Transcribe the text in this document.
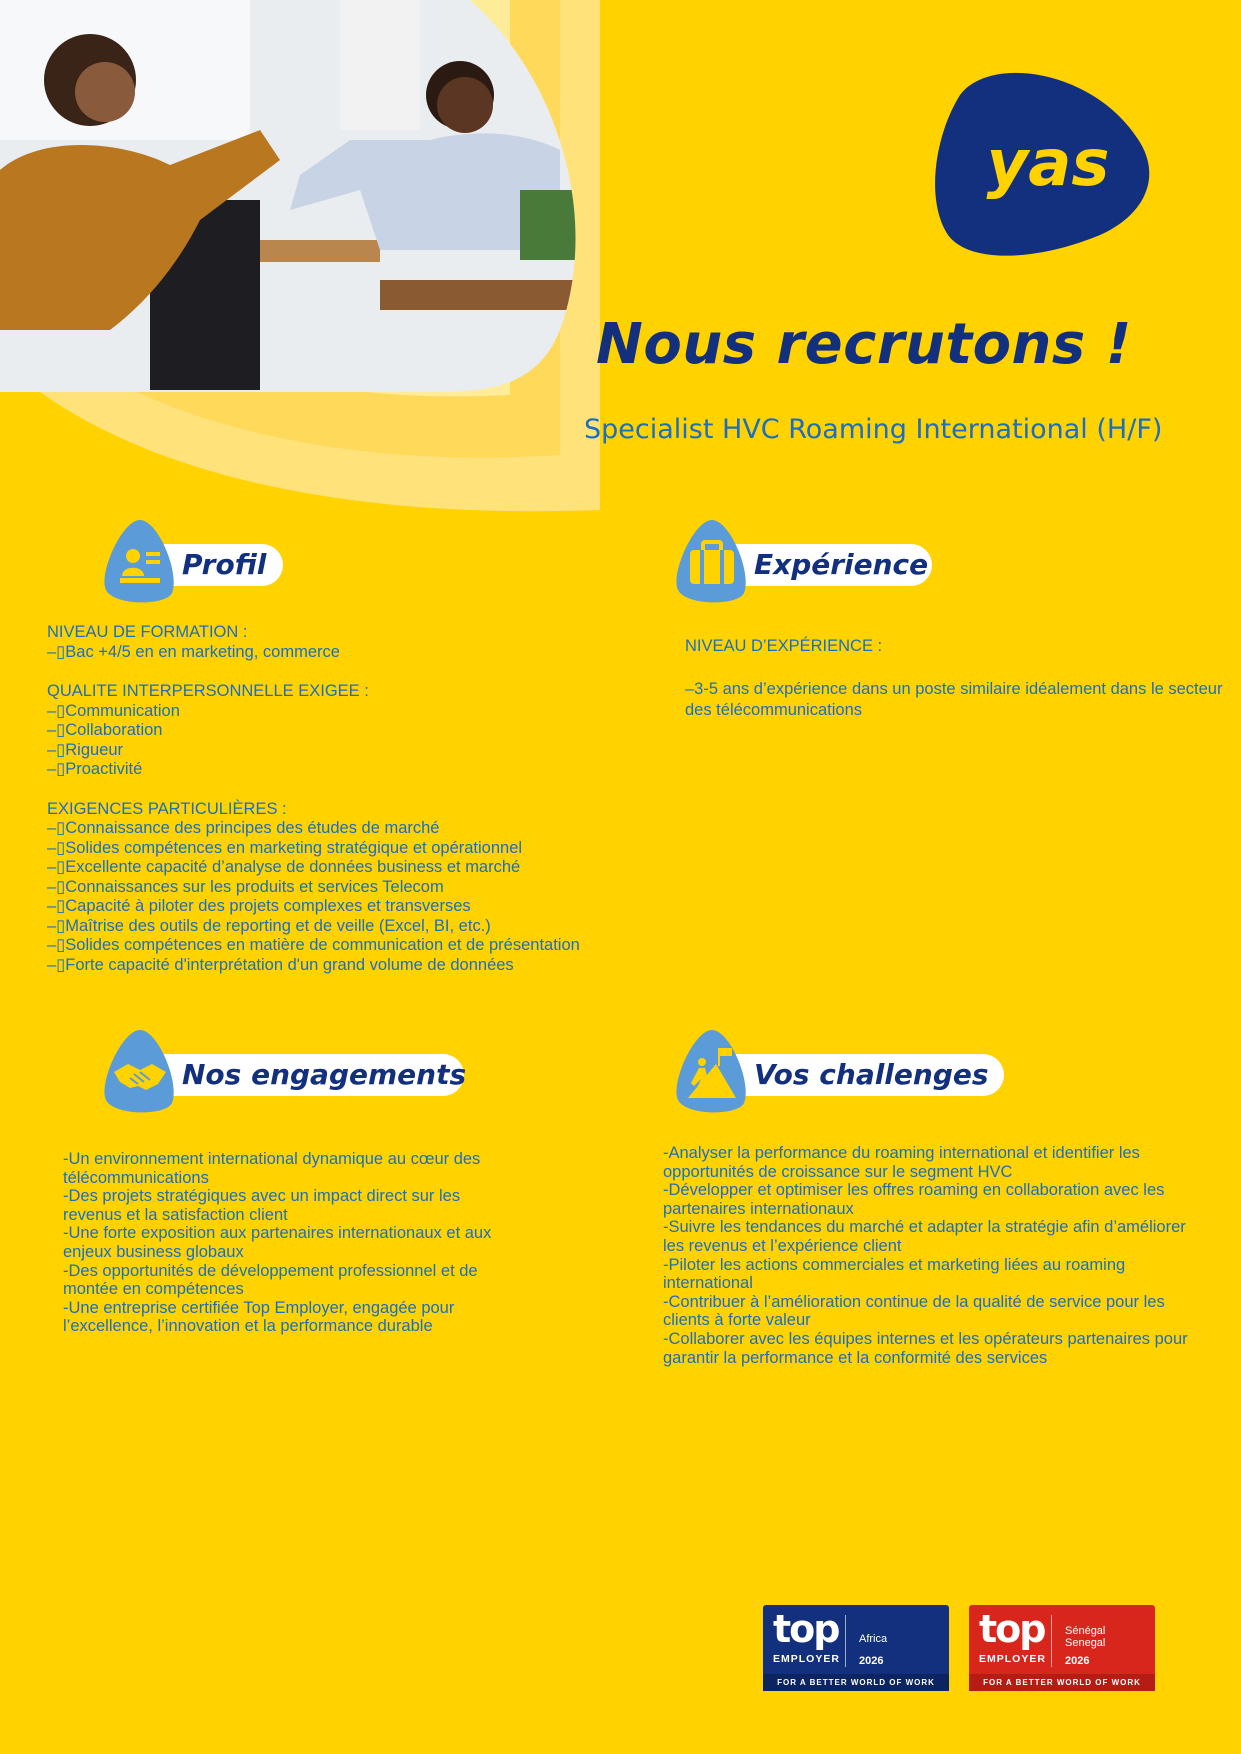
yas
Nous recrutons !

Specialist HVC Roaming International (H/F)

Profil	Expérience
Nos engagements	Vos challenges
NIVEAU DE FORMATION :
–▯Bac +4/5 en en marketing, commerce
QUALITE INTERPERSONNELLE EXIGEE :
–▯Communication
–▯Collaboration
–▯Rigueur
–▯Proactivité
EXIGENCES PARTICULIÈRES :
–▯Connaissance des principes des études de marché
–▯Solides compétences en marketing stratégique et opérationnel
–▯Excellente capacité d’analyse de données business et marché
–▯Connaissances sur les produits et services Telecom
–▯Capacité à piloter des projets complexes et transverses
–▯Maîtrise des outils de reporting et de veille (Excel, BI, etc.)
–▯Solides compétences en matière de communication et de présentation
–▯Forte capacité d'interprétation d'un grand volume de données
NIVEAU D’EXPÉRIENCE :
–3-5 ans d’expérience dans un poste similaire idéalement dans le secteur des télécommunications
-Un environnement international dynamique au cœur des télécommunications
-Des projets stratégiques avec un impact direct sur les revenus et la satisfaction client
-Une forte exposition aux partenaires internationaux et aux enjeux business globaux
-Des opportunités de développement professionnel et de montée en compétences
-Une entreprise certifiée Top Employer, engagée pour l’excellence, l’innovation et la performance durable
-Analyser la performance du roaming international et identifier les opportunités de croissance sur le segment HVC
-Développer et optimiser les offres roaming en collaboration avec les partenaires internationaux
-Suivre les tendances du marché et adapter la stratégie afin d’améliorer les revenus et l’expérience client
-Piloter les actions commerciales et marketing liées au roaming international
-Contribuer à l’amélioration continue de la qualité de service pour les clients à forte valeur
-Collaborer avec les équipes internes et les opérateurs partenaires pour garantir la performance et la conformité des services
top
EMPLOYER
Africa
2026
FOR A BETTER WORLD OF WORK
top
EMPLOYER
Sénégal
Senegal
2026
FOR A BETTER WORLD OF WORK
